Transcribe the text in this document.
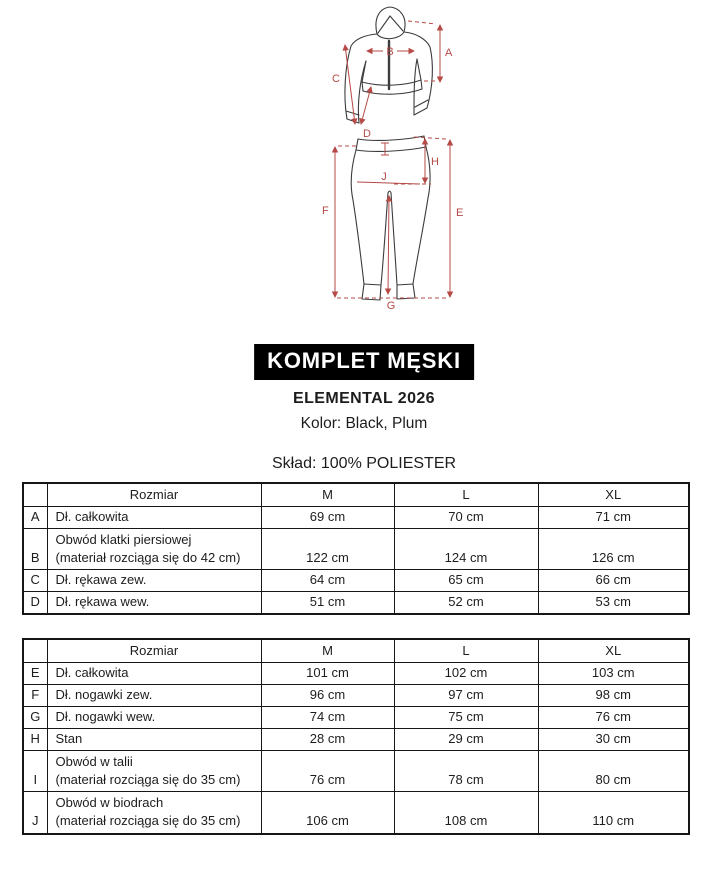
A
B
C
D
E
F
G
H
J
KOMPLET MĘSKI
ELEMENTAL 2026
Kolor: Black, Plum
Skład: 100% POLIESTER
	Rozmiar	M	L	XL
A	Dł. całkowita	69 cm	70 cm	71 cm
B	Obwód klatki piersiowej
(materiał rozciąga się do 42 cm)	122 cm	124 cm	126 cm
C	Dł. rękawa zew.	64 cm	65 cm	66 cm
D	Dł. rękawa wew.	51 cm	52 cm	53 cm
	Rozmiar	M	L	XL
E	Dł. całkowita	101 cm	102 cm	103 cm
F	Dł. nogawki zew.	96 cm	97 cm	98 cm
G	Dł. nogawki wew.	74 cm	75 cm	76 cm
H	Stan	28 cm	29 cm	30 cm
I	Obwód w talii
(materiał rozciąga się do 35 cm)	76 cm	78 cm	80 cm
J	Obwód w biodrach
(materiał rozciąga się do 35 cm)	106 cm	108 cm	110 cm
